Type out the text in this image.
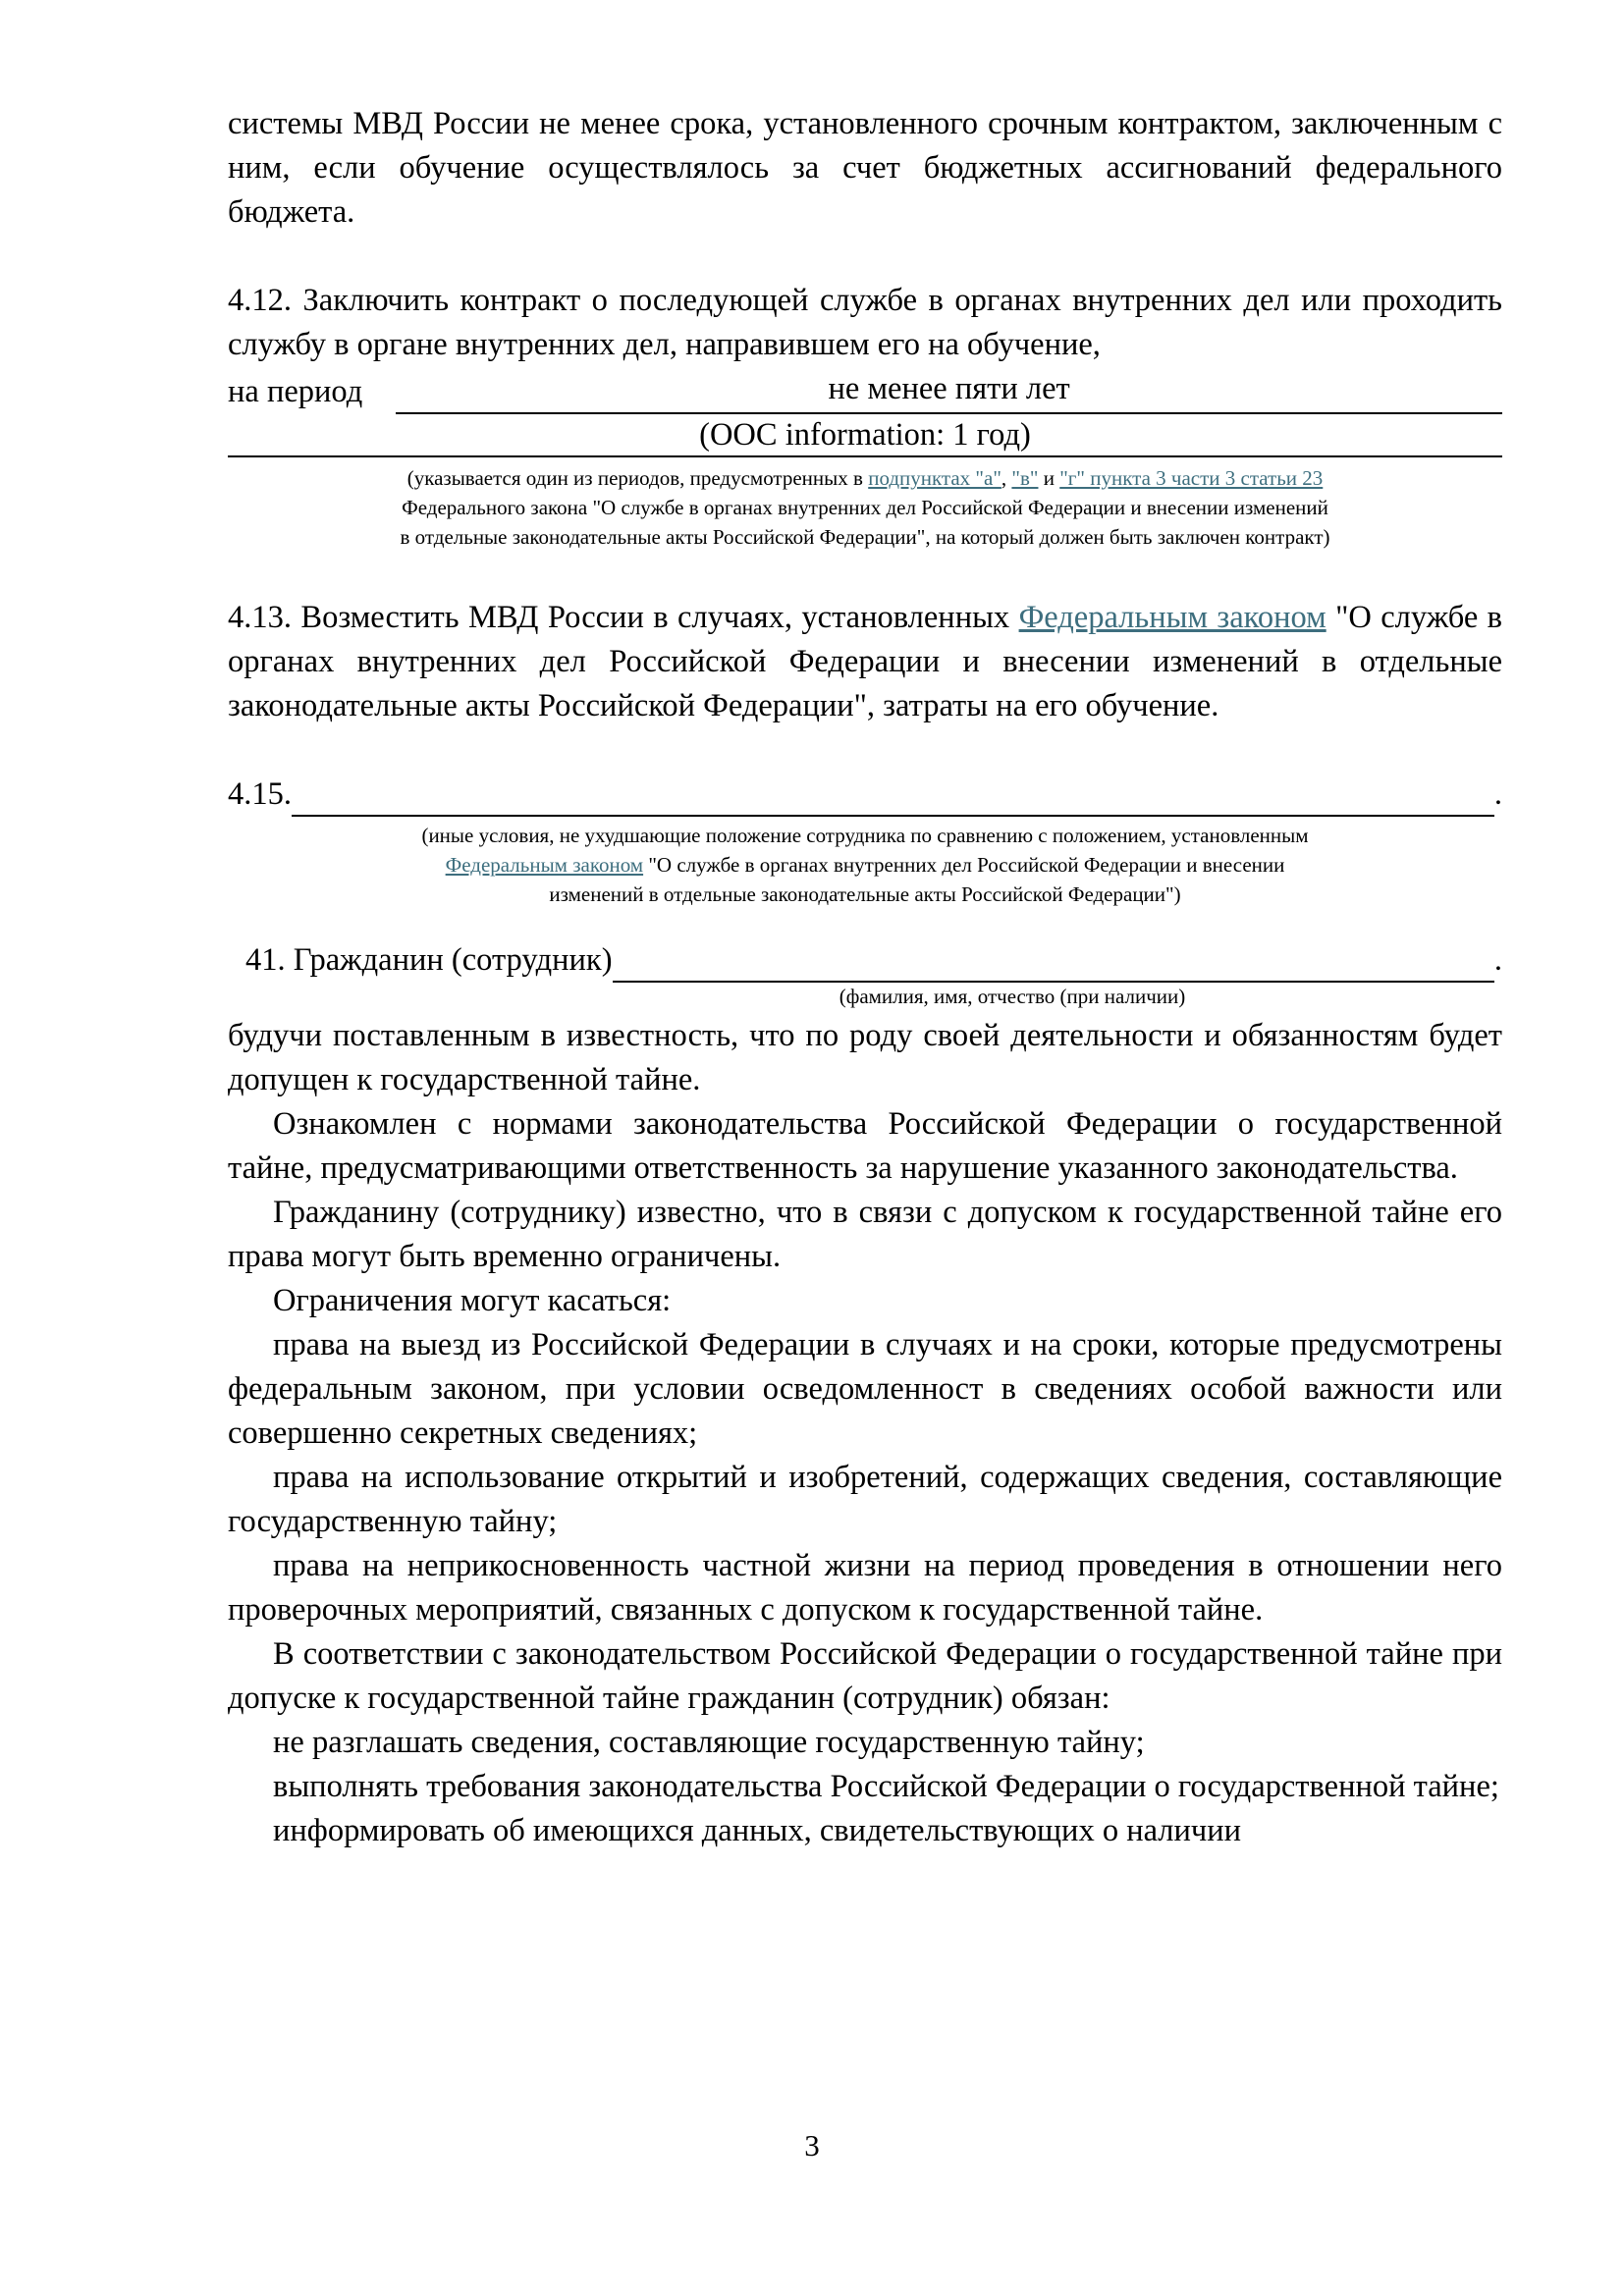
системы МВД России не менее срока, установленного срочным контрактом, заключенным с ним, если обучение осуществлялось за счет бюджетных ассигнований федерального бюджета.

4.12. Заключить контракт о последующей службе в органах внутренних дел или проходить службу в органе внутренних дел, направившем его на обучение,

на период	не менее пяти лет
(OOC information: 1 год)

(указывается один из периодов, предусмотренных в подпунктах "а", "в" и "г" пункта 3 части 3 статьи 23

Федерального закона "О службе в органах внутренних дел Российской Федерации и внесении изменений

в отдельные законодательные акты Российской Федерации", на который должен быть заключен контракт)

4.13. Возместить МВД России в случаях, установленных Федеральным законом "О службе в органах внутренних дел Российской Федерации и внесении изменений в отдельные законодательные акты Российской Федерации", затраты на его обучение.

4.15.	.

(иные условия, не ухудшающие положение сотрудника по сравнению с положением, установленным

Федеральным законом "О службе в органах внутренних дел Российской Федерации и внесении

изменений в отдельные законодательные акты Российской Федерации")

41. Гражданин (сотрудник)	.
(фамилия, имя, отчество (при наличии)

будучи поставленным в известность, что по роду своей деятельности и обязанностям будет допущен к государственной тайне.

Ознакомлен с нормами законодательства Российской Федерации о государственной тайне, предусматривающими ответственность за нарушение указанного законодательства.

Гражданину (сотруднику) известно, что в связи с допуском к государственной тайне его права могут быть временно ограничены.

Ограничения могут касаться:

права на выезд из Российской Федерации в случаях и на сроки, которые предусмотрены федеральным законом, при условии осведомленност в сведениях особой важности или совершенно секретных сведениях;

права на использование открытий и изобретений, содержащих сведения, составляющие государственную тайну;

права на неприкосновенность частной жизни на период проведения в отношении него проверочных мероприятий, связанных с допуском к государственной тайне.

В соответствии с законодательством Российской Федерации о государственной тайне при допуске к государственной тайне гражданин (сотрудник) обязан:

не разглашать сведения, составляющие государственную тайну;

выполнять требования законодательства Российской Федерации о государственной тайне;

информировать об имеющихся данных, свидетельствующих о наличии

3
